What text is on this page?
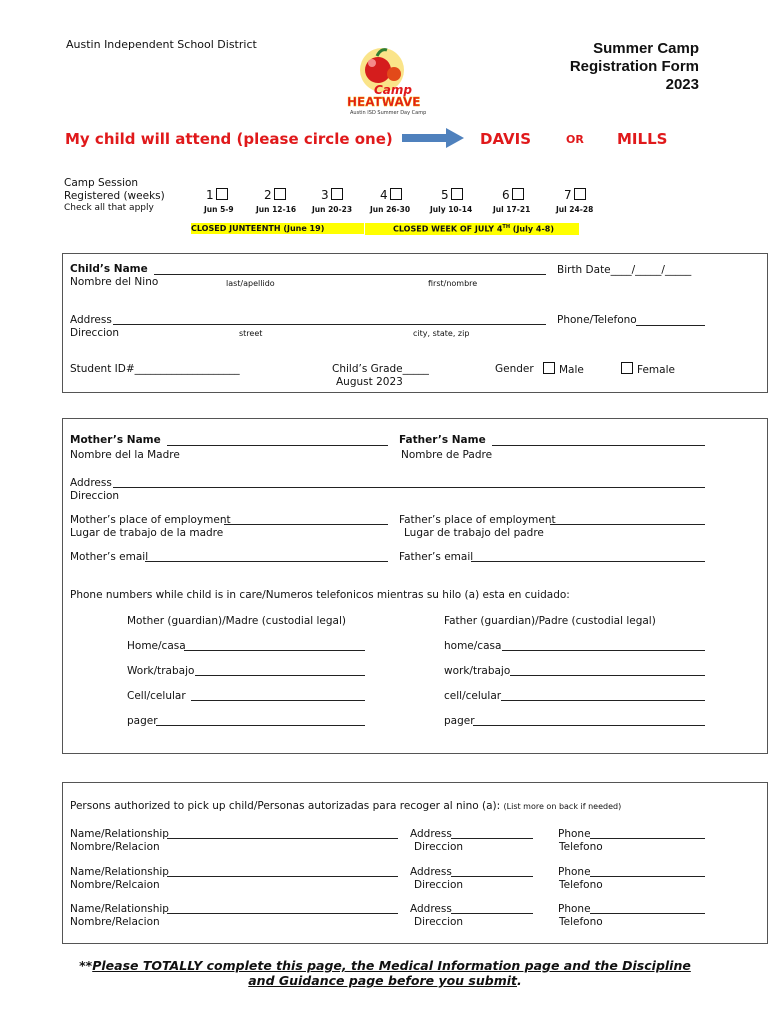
Austin Independent School District
Camp
HEATWAVE
Austin ISD Summer Day Camp
Summer Camp
Registration Form
2023
My child will attend (please circle one)	DAVIS	OR MILLS
Camp Session
Registered (weeks)
Check all that apply
1
Jun 5-9
2
Jun 12-16
3
Jun 20-23
4
Jun 26-30
5
July 10-14
6
Jul 17-21
7
Jul 24-28
CLOSED JUNTEENTH (June 19)	CLOSED WEEK OF JULY 4TH (July 4-8)
Child’s Name
Nombre del Nino	last/apellido	first/nombre
Birth Date____/_____/_____
Address
Direccion	street	city, state, zip
Phone/Telefono
Student ID#____________________	Child’s Grade_____
August 2023
Gender	Male	Female
Mother’s Name
Nombre del la Madre
Father’s Name
Nombre de Padre
Address
Direccion
Mother’s place of employment
Lugar de trabajo de la madre
Father’s place of employment
Lugar de trabajo del padre
Mother’s email	Father’s email
Phone numbers while child is in care/Numeros telefonicos mientras su hilo (a) esta en cuidado:
Mother (guardian)/Madre (custodial legal)	Father (guardian)/Padre (custodial legal)
Home/casa	home/casa
Work/trabajo	work/trabajo
Cell/celular	cell/celular
pager	pager
Persons authorized to pick up child/Personas autorizadas para recoger al nino (a): (List more on back if needed)
Name/Relationship
Nombre/Relacion
Address
Direccion
Phone
Telefono
Name/Relationship
Nombre/Relcaion
Address
Direccion
Phone
Telefono
Name/Relationship
Nombre/Relacion
Address
Direccion
Phone
Telefono
**Please TOTALLY complete this page, the Medical Information page and the Discipline
and Guidance page before you submit.
